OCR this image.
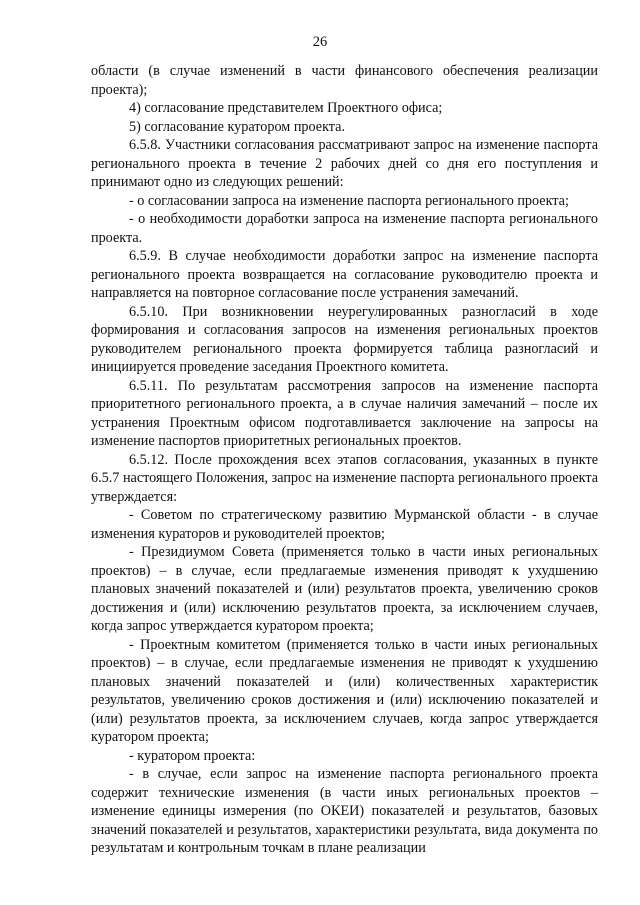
26

области (в случае изменений в части финансового обеспечения реализации проекта);

4) согласование представителем Проектного офиса;

5) согласование куратором проекта.

6.5.8. Участники согласования рассматривают запрос на изменение паспорта регионального проекта в течение 2 рабочих дней со дня его поступления и принимают одно из следующих решений:

- о согласовании запроса на изменение паспорта регионального проекта;

- о необходимости доработки запроса на изменение паспорта регионального проекта.

6.5.9. В случае необходимости доработки запрос на изменение паспорта регионального проекта возвращается на согласование руководителю проекта и направляется на повторное согласование после устранения замечаний.

6.5.10. При возникновении неурегулированных разногласий в ходе формирования и согласования запросов на изменения региональных проектов руководителем регионального проекта формируется таблица разногласий и инициируется проведение заседания Проектного комитета.

6.5.11. По результатам рассмотрения запросов на изменение паспорта приоритетного регионального проекта, а в случае наличия замечаний – после их устранения Проектным офисом подготавливается заключение на запросы на изменение паспортов приоритетных региональных проектов.

6.5.12. После прохождения всех этапов согласования, указанных в пункте 6.5.7 настоящего Положения, запрос на изменение паспорта регионального проекта утверждается:

- Советом по стратегическому развитию Мурманской области - в случае изменения кураторов и руководителей проектов;

- Президиумом Совета (применяется только в части иных региональных проектов) – в случае, если предлагаемые изменения приводят к ухудшению плановых значений показателей и (или) результатов проекта, увеличению сроков достижения и (или) исключению результатов проекта, за исключением случаев, когда запрос утверждается куратором проекта;

- Проектным комитетом (применяется только в части иных региональных проектов) – в случае, если предлагаемые изменения не приводят к ухудшению плановых значений показателей и (или) количественных характеристик результатов, увеличению сроков достижения и (или) исключению показателей и (или) результатов проекта, за исключением случаев, когда запрос утверждается куратором проекта;

- куратором проекта:

- в случае, если запрос на изменение паспорта регионального проекта содержит технические изменения (в части иных региональных проектов – изменение единицы измерения (по ОКЕИ) показателей и результатов, базовых значений показателей и результатов, характеристики результата, вида документа по результатам и контрольным точкам в плане реализации
